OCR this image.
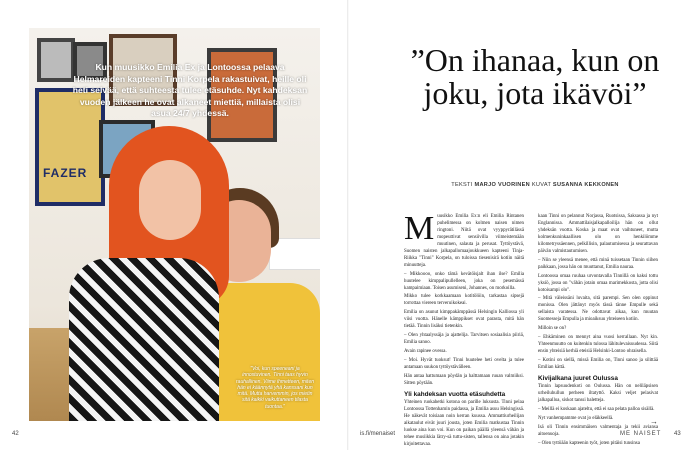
FAZER

Kun muusikko Emilia Ex ja Lontoossa pelaava Helmareiden kapteeni Tinni Korpela rakastuivat, heille oli heti selvää, että suhteesta tulee etäsuhde. Nyt kahdeksan vuoden jälkeen he ovat alkaneet miettiä, millaista olisi asua 24/7 yhdessä.

"Voi, kun speeneani ja innostuvinen. Tinni taas hyvin rauhallinen. Viime ihmetteen, miten hän ei käännytä yhä kanssani kun mitä. Mutta harvemmin, jos mietin sitä kaikki vaikuttaneen tilasta tuontaa."

42
”On ihanaa, kun on joku, jota ikävöi”

TEKSTI MARJO VUORINEN KUVAT SUSANNA KEKKONEN

Muusikko Emilia Ex:n eli Emilia Rintanen puhelimessa on kolmen naisen nimen ringtoni. Niitä ovat vyyppyrätilässä mopeuttivat sensiivilla viimeistemään muutinen, salauta ja perusat. Tyttöystävä, Suomen naisten jalkapallomaajoukkueen kapteeni Tinja-Riikka "Tinni" Korpela, on tuloissa tiesenisirä kotiin näitä minuutteja.

– Mikkoooo, onko tämä kevätöisjalt ihan ilse? Emilia huutelee kimppalipullelleen, joka on pesemässä kampaimiaan. Toisen asumiseni, Johannes, on morkoilla.

Mikko tulee korkkaamaan kotitölöin, tarkastaa sipsejä torrottaa viereen terveruikokeai.

Emilia on asunut kimppakämppässä Helsingin Kalliossa yli viisi vuotta. Hänelle kämppikset ovat parasta, mitä hän tietää. Tinnin lisäksi tietenkin.

– Olen yhtaalyssäja ja ajattelija. Tarvitsen sosiaalisia piiriä, Emilia sanoo.

Avain rapinee ovessa.

– Moi. Hyvät tuoksut! Tinni huutelee heti ovelta ja tulee antamaan suukon tyttöystävälleen.

Hän antaa hattumaan pöydän ja halttamaan ruuan valmiiksi. Sitten pöytään.

Yli kahdeksan vuotta etäsuhdetta

Yhteinen ruokahetki kotona on parille luksusta. Tinni pelaa Lontoossa Tottenhamin paidassa, ja Emilia asuu Helsingissä. He näkevät toisiaan noin kerran kuussa. Ammattiurheilijan aikataulut eivät juuri jousta, joten Emilia matkustaa Tinnin luokse aina kun voi. Kun on paikan päällä yleensä vähän ja tehee musiikkia lätry-sä tuttu-sisten, tallensa on aina jotakin kirjoitettavaa.

kaan Tinni on pelannut Norjassa, Ruotsissa, Saksassa ja nyt Englannissa. Ammattilaisjalkapalloilija hän on ollut yhdeksän vuotta. Koska ja maat ovat vaihtuneet, mutta kolmenkuninkaallisen olo on henkilömme kilometryssäennen, pelkillisin, palautumisessa ja seurattavan päivän valmistautumisen.

– Niin se yleensä menee, että minä tuissetaan Tinnin siihen paikkaan, jossa hän on muuttanut, Emilia nauraa.

Lontoossa omaa ruuhaa urvontavalla Tinnillä on kaksi tottu yksiö, jossa on "vähän jotain omaa marimekkosta, jotta olisi kotoisampi olo".

– Mitä väleissäni luvaita, sitä parempi. Sen olen oppinut monissa. Olen jättänyt myös tässä tänne Empulle sekä sellaista varatessa. Ne odottavat aikaa, kun muutan Suomesseja Empulla ja mioaiksuu yhteiseen kotiin.

Milloin se on?

– Ehkäminen on mennyt aina vuosi kerrallaan. Nyt kin. Yhteenmuutto on kuitenkin tulossa lähitulevaisuudessa. Siitä ensin yhteisiä kerhiä eteisiä Helsinki-Lontoo ohraisella.

– Kotini on siellä, missä Emilia on, Tinni sanoo ja silittää Emilian kättä.

Kivijalkana juuret Oulussa

Tinnin lapsuudenkoti on Oulussa. Hän on neliläpsisen urheiluhullun perheen iltatyttö. Kaksi veljet pelasivat jalkapalloa, siskot tanssi baletteja.

– Meillä ei koskaan ajateltu, että ei saa pelata palloa sisällä.

Nyt vanhempamme ovat jo eläkkeellä.

Isä oli Tinnin ensimmäisen valmentaja ja tekii aviansa aitoenuoja.

– Olen tyttöään kapteenin työt, joten pitäisi tunsinsa

→
is.fi/menaiset	ME NAISET 43
